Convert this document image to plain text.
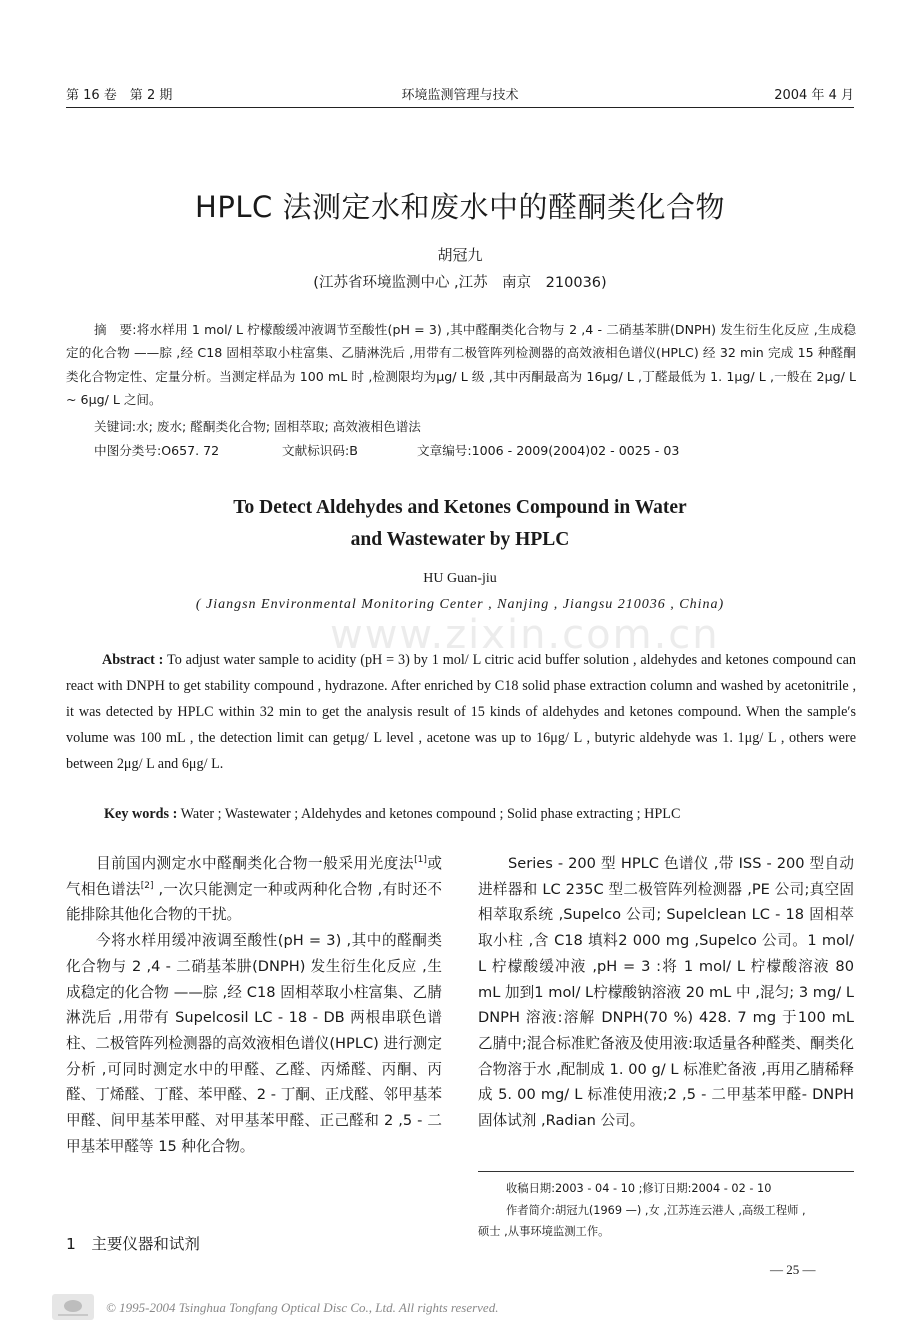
第 16 卷　第 2 期	环境监测管理与技术	2004 年 4 月
HPLC 法测定水和废水中的醛酮类化合物
胡冠九
(江苏省环境监测中心 ,江苏　南京　210036)
摘　要:将水样用 1 mol/ L 柠檬酸缓冲液调节至酸性(pH = 3) ,其中醛酮类化合物与 2 ,4 - 二硝基苯肼(DNPH) 发生衍生化反应 ,生成稳定的化合物 ——腙 ,经 C18 固相萃取小柱富集、乙腈淋洗后 ,用带有二极管阵列检测器的高效液相色谱仪(HPLC) 经 32 min 完成 15 种醛酮类化合物定性、定量分析。当测定样品为 100 mL 时 ,检测限均为μg/ L 级 ,其中丙酮最高为 16μg/ L ,丁醛最低为 1. 1μg/ L ,一般在 2μg/ L ~ 6μg/ L 之间。
关键词:水; 废水; 醛酮类化合物; 固相萃取; 高效液相色谱法
中图分类号:O657. 72	文献标识码:B	文章编号:1006 - 2009(2004)02 - 0025 - 03
To Detect Aldehydes and Ketones Compound in Water
and Wastewater by HPLC
HU Guan-jiu
( Jiangsn Environmental Monitoring Center , Nanjing , Jiangsu 210036 , China)
www.zixin.com.cn
Abstract : To adjust water sample to acidity (pH = 3) by 1 mol/ L citric acid buffer solution , aldehydes and ketones compound can react with DNPH to get stability compound , hydrazone. After enriched by C18 solid phase extraction column and washed by acetonitrile , it was detected by HPLC within 32 min to get the analysis result of 15 kinds of aldehydes and ketones compound. When the sample′s volume was 100 mL , the detection limit can getμg/ L level , acetone was up to 16μg/ L , butyric aldehyde was 1. 1μg/ L , others were between 2μg/ L and 6μg/ L.
Key words : Water ; Wastewater ; Aldehydes and ketones compound ; Solid phase extracting ; HPLC

目前国内测定水中醛酮类化合物一般采用光度法[1]或气相色谱法[2] ,一次只能测定一种或两种化合物 ,有时还不能排除其他化合物的干扰。

今将水样用缓冲液调至酸性(pH = 3) ,其中的醛酮类化合物与 2 ,4 - 二硝基苯肼(DNPH) 发生衍生化反应 ,生成稳定的化合物 ——腙 ,经 C18 固相萃取小柱富集、乙腈淋洗后 ,用带有 Supelcosil LC - 18 - DB 两根串联色谱柱、二极管阵列检测器的高效液相色谱仪(HPLC) 进行测定分析 ,可同时测定水中的甲醛、乙醛、丙烯醛、丙酮、丙醛、丁烯醛、丁醛、苯甲醛、2 - 丁酮、正戊醛、邻甲基苯甲醛、间甲基苯甲醛、对甲基苯甲醛、正己醛和 2 ,5 - 二甲基苯甲醛等 15 种化合物。

1　主要仪器和试剂

Series - 200 型 HPLC 色谱仪 ,带 ISS - 200 型自动进样器和 LC 235C 型二极管阵列检测器 ,PE 公司;真空固相萃取系统 ,Supelco 公司; Supelclean LC - 18 固相萃取小柱 ,含 C18 填料2 000 mg ,Supelco 公司。1 mol/ L 柠檬酸缓冲液 ,pH = 3 :将 1 mol/ L 柠檬酸溶液 80 mL 加到1 mol/ L柠檬酸钠溶液 20 mL 中 ,混匀; 3 mg/ L DNPH 溶液:溶解 DNPH(70 %) 428. 7 mg 于100 mL 乙腈中;混合标准贮备液及使用液:取适量各种醛类、酮类化合物溶于水 ,配制成 1. 00 g/ L 标准贮备液 ,再用乙腈稀释成 5. 00 mg/ L 标准使用液;2 ,5 - 二甲基苯甲醛- DNPH 固体试剂 ,Radian 公司。

收稿日期:2003 - 04 - 10 ;修订日期:2004 - 02 - 10
作者简介:胡冠九(1969 —) ,女 ,江苏连云港人 ,高级工程师 ,
硕士 ,从事环境监测工作。
— 25 —
© 1995-2004 Tsinghua Tongfang Optical Disc Co., Ltd. All rights reserved.
